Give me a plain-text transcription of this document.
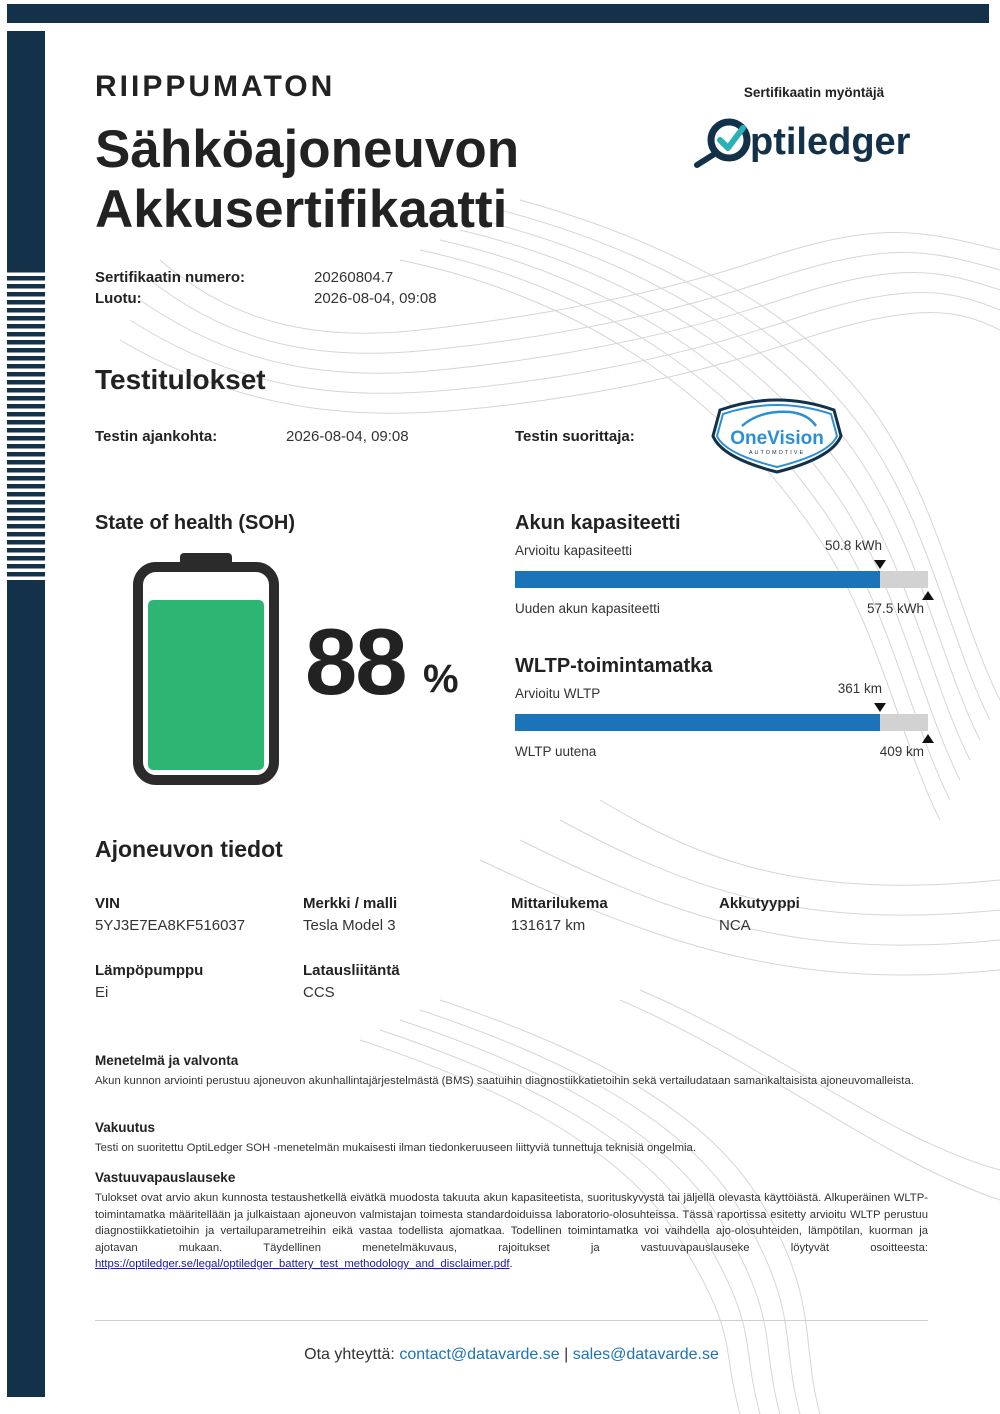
RIIPPUMATON
Sähköajoneuvon
Akkusertifikaatti
Sertifikaatin myöntäjä
ptiledger
Sertifikaatin numero:	20260804.7
Luotu:	2026-08-04, 09:08
Testitulokset
Testin ajankohta:	2026-08-04, 09:08	Testin suorittaja:	OneVision
AUTOMOTIVE
State of health (SOH)
88 %
Akun kapasiteetti
Arvioitu kapasiteetti	50.8 kWh
Uuden akun kapasiteetti	57.5 kWh
WLTP-toimintamatka
Arvioitu WLTP	361 km
WLTP uutena	409 km
Ajoneuvon tiedot
VIN
5YJ3E7EA8KF516037
Merkki / malli
Tesla Model 3
Mittarilukema
131617 km
Akkutyyppi
NCA
Lämpöpumppu
Ei
Latausliitäntä
CCS
Menetelmä ja valvonta
Akun kunnon arviointi perustuu ajoneuvon akunhallintajärjestelmästä (BMS) saatuihin diagnostiikkatietoihin sekä vertailudataan samankaltaisista ajoneuvomalleista.
Vakuutus
Testi on suoritettu OptiLedger SOH -menetelmän mukaisesti ilman tiedonkeruuseen liittyviä tunnettuja teknisiä ongelmia.
Vastuuvapauslauseke
Tulokset ovat arvio akun kunnosta testaushetkellä eivätkä muodosta takuuta akun kapasiteetista, suorituskyvystä tai jäljellä olevasta käyttöiästä. Alkuperäinen WLTP-toimintamatka määritellään ja julkaistaan ajoneuvon valmistajan toimesta standardoiduissa laboratorio-olosuhteissa. Tässä raportissa esitetty arvioitu WLTP perustuu diagnostiikkatietoihin ja vertailuparametreihin eikä vastaa todellista ajomatkaa. Todellinen toimintamatka voi vaihdella ajo-olosuhteiden, lämpötilan, kuorman ja ajotavan mukaan. Täydellinen menetelmäkuvaus, rajoitukset ja vastuuvapauslauseke löytyvät osoitteesta: https://optiledger.se/legal/optiledger_battery_test_methodology_and_disclaimer.pdf.
Ota yhteyttä: contact@datavarde.se | sales@datavarde.se
